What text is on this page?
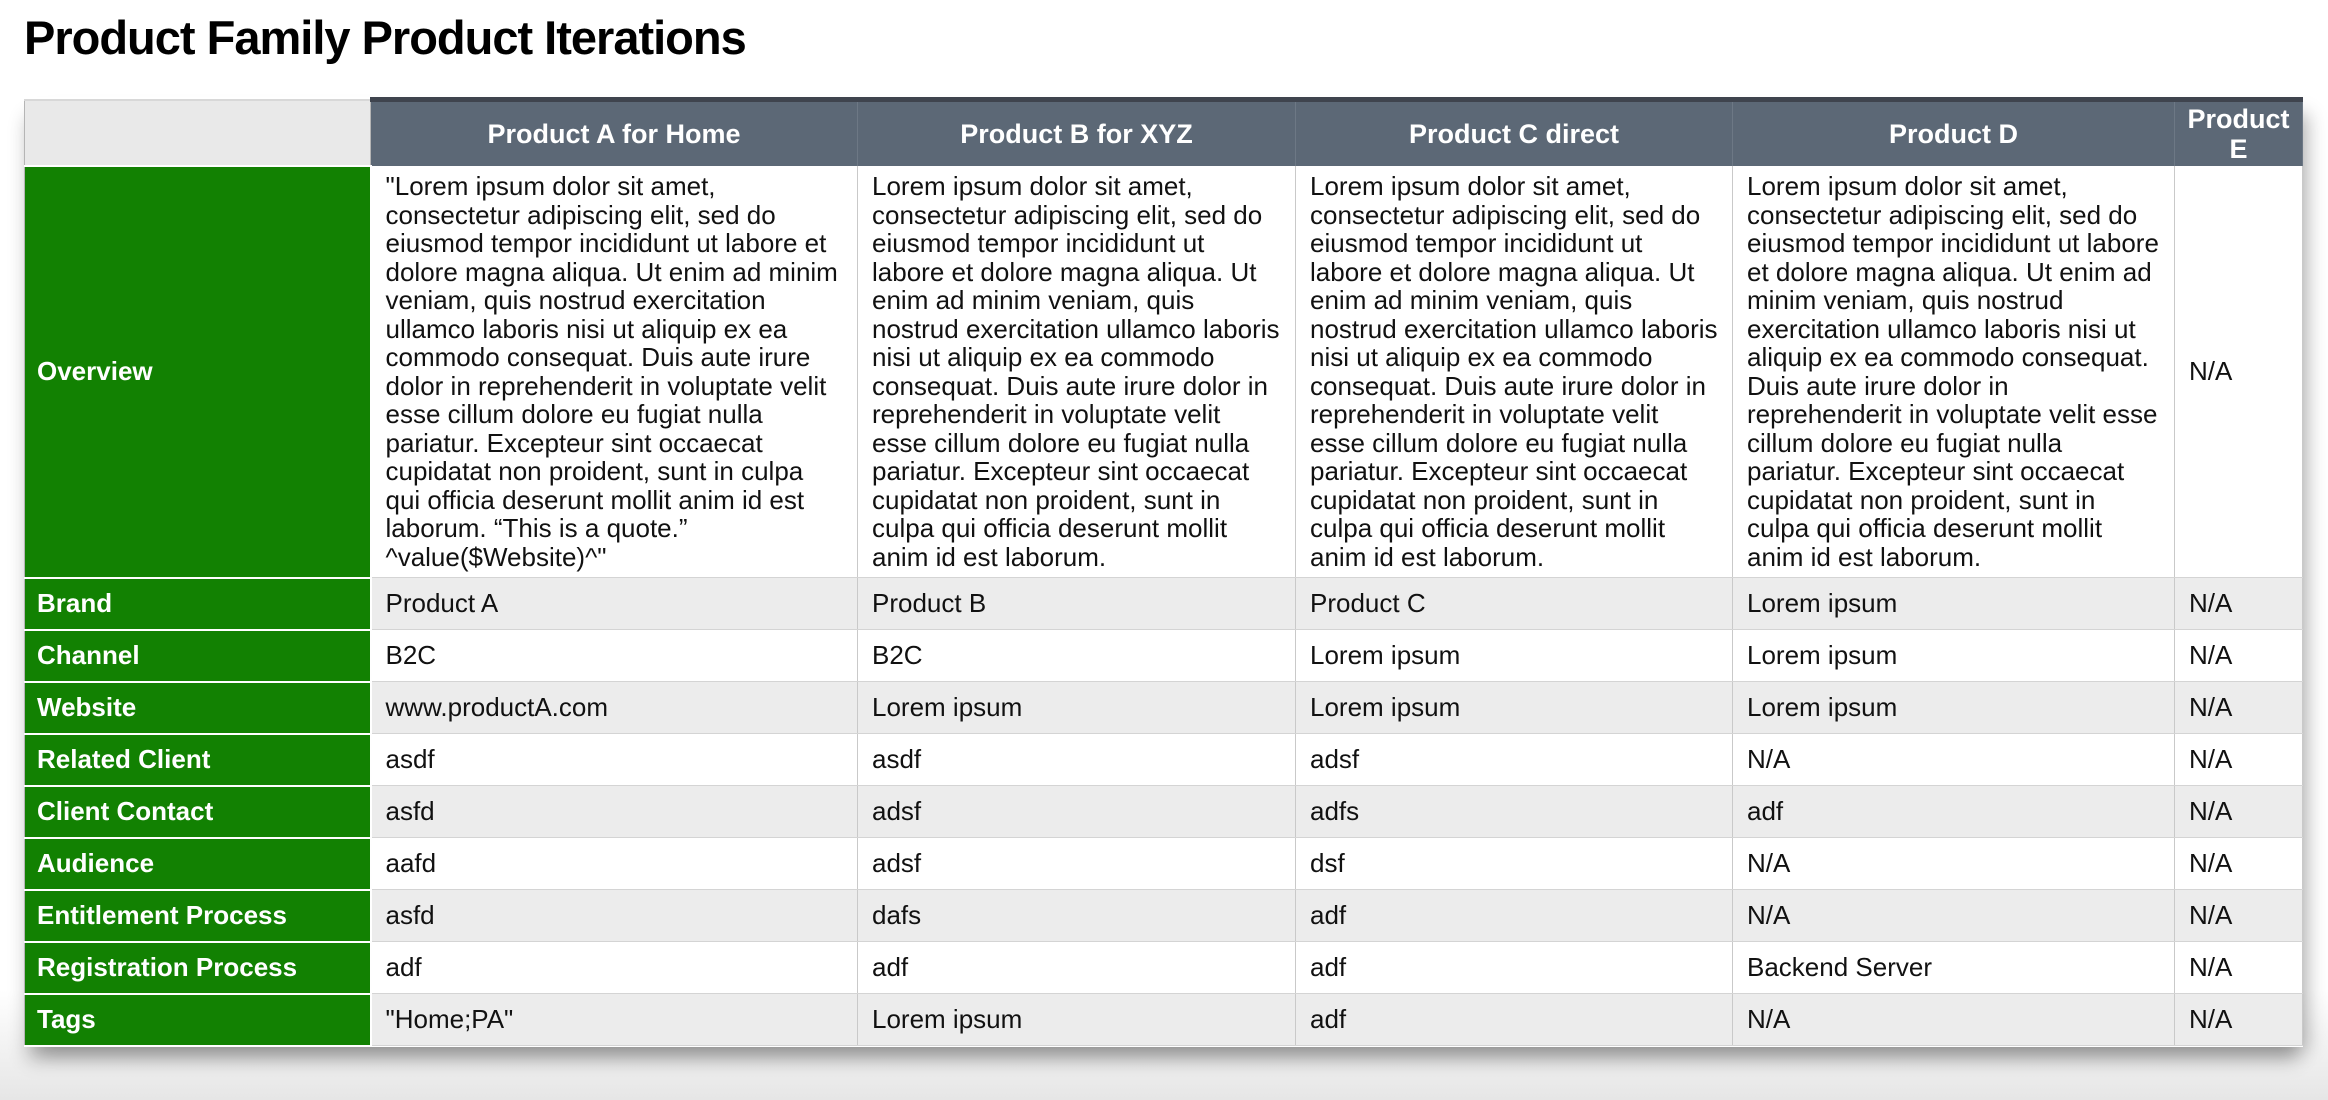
Product Family Product Iterations
	Product A for Home	Product B for XYZ	Product C direct	Product D	Product E
Overview	"Lorem ipsum dolor sit amet, consectetur adipiscing elit, sed do eiusmod tempor incididunt ut labore et dolore magna aliqua. Ut enim ad minim veniam, quis nostrud exercitation ullamco laboris nisi ut aliquip ex ea commodo consequat. Duis aute irure dolor in reprehenderit in voluptate velit esse cillum dolore eu fugiat nulla pariatur. Excepteur sint occaecat cupidatat non proident, sunt in culpa qui officia deserunt mollit anim id est laborum. “This is a quote.” ^value($Website)^"	Lorem ipsum dolor sit amet, consectetur adipiscing elit, sed do eiusmod tempor incididunt ut labore et dolore magna aliqua. Ut enim ad minim veniam, quis nostrud exercitation ullamco laboris nisi ut aliquip ex ea commodo consequat. Duis aute irure dolor in reprehenderit in voluptate velit esse cillum dolore eu fugiat nulla pariatur. Excepteur sint occaecat cupidatat non proident, sunt in culpa qui officia deserunt mollit anim id est laborum.	Lorem ipsum dolor sit amet, consectetur adipiscing elit, sed do eiusmod tempor incididunt ut labore et dolore magna aliqua. Ut enim ad minim veniam, quis nostrud exercitation ullamco laboris nisi ut aliquip ex ea commodo consequat. Duis aute irure dolor in reprehenderit in voluptate velit esse cillum dolore eu fugiat nulla pariatur. Excepteur sint occaecat cupidatat non proident, sunt in culpa qui officia deserunt mollit anim id est laborum.	Lorem ipsum dolor sit amet, consectetur adipiscing elit, sed do eiusmod tempor incididunt ut labore et dolore magna aliqua. Ut enim ad minim veniam, quis nostrud exercitation ullamco laboris nisi ut aliquip ex ea commodo consequat. Duis aute irure dolor in reprehenderit in voluptate velit esse cillum dolore eu fugiat nulla pariatur. Excepteur sint occaecat cupidatat non proident, sunt in culpa qui officia deserunt mollit anim id est laborum.	N/A
Brand	Product A	Product B	Product C	Lorem ipsum	N/A
Channel	B2C	B2C	Lorem ipsum	Lorem ipsum	N/A
Website	www.productA.com	Lorem ipsum	Lorem ipsum	Lorem ipsum	N/A
Related Client	asdf	asdf	adsf	N/A	N/A
Client Contact	asfd	adsf	adfs	adf	N/A
Audience	aafd	adsf	dsf	N/A	N/A
Entitlement Process	asfd	dafs	adf	N/A	N/A
Registration Process	adf	adf	adf	Backend Server	N/A
Tags	"Home;PA"	Lorem ipsum	adf	N/A	N/A
